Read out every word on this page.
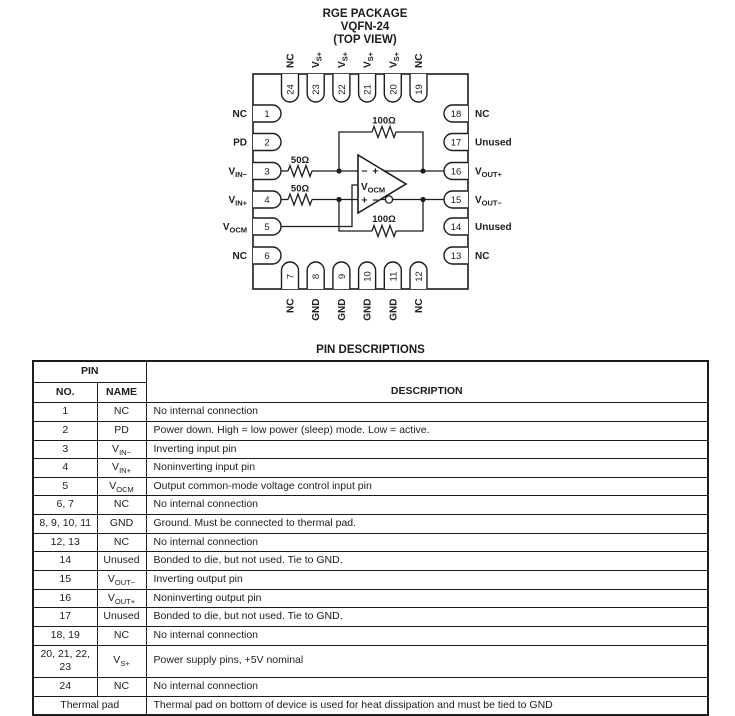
RGE PACKAGE
VQFN-24
(TOP VIEW)
50Ω
50Ω
100Ω
100Ω
− +
+ −
$V_{OCM}$
1
NC
2
PD
3
$V_{IN-}$
4
$V_{IN+}$
5
$V_{OCM}$
6
NC
18 NC
17 Unused
16 $V_{OUT+}$
15 $V_{OUT-}$
14 Unused
13 NC
24
NC
23
$V_{S+}$
22
$V_{S+}$
21
$V_{S+}$
20
$V_{S+}$
19
NC
7
NC
8
GND
9
GND
10
GND
11
GND
12
NC
PIN DESCRIPTIONS
PIN		DESCRIPTION
NO.	NAME	
1	NC	No internal connection
2	PD	Power down. High = low power (sleep) mode. Low = active.
3	$V_{IN-}$	Inverting input pin
4	$V_{IN+}$	Noninverting input pin
5	$V_{OCM}$	Output common-mode voltage control input pin
6, 7	NC	No internal connection
8, 9, 10, 11	GND	Ground. Must be connected to thermal pad.
12, 13	NC	No internal connection
14	Unused	Bonded to die, but not used. Tie to GND.
15	$V_{OUT-}$	Inverting output pin
16	$V_{OUT+}$	Noninverting output pin
17	Unused	Bonded to die, but not used. Tie to GND.
18, 19	NC	No internal connection
20, 21, 22, 23	$V_{S+}$	Power supply pins, +5V nominal
24	NC	No internal connection
Thermal pad		Thermal pad on bottom of device is used for heat dissipation and must be tied to GND
